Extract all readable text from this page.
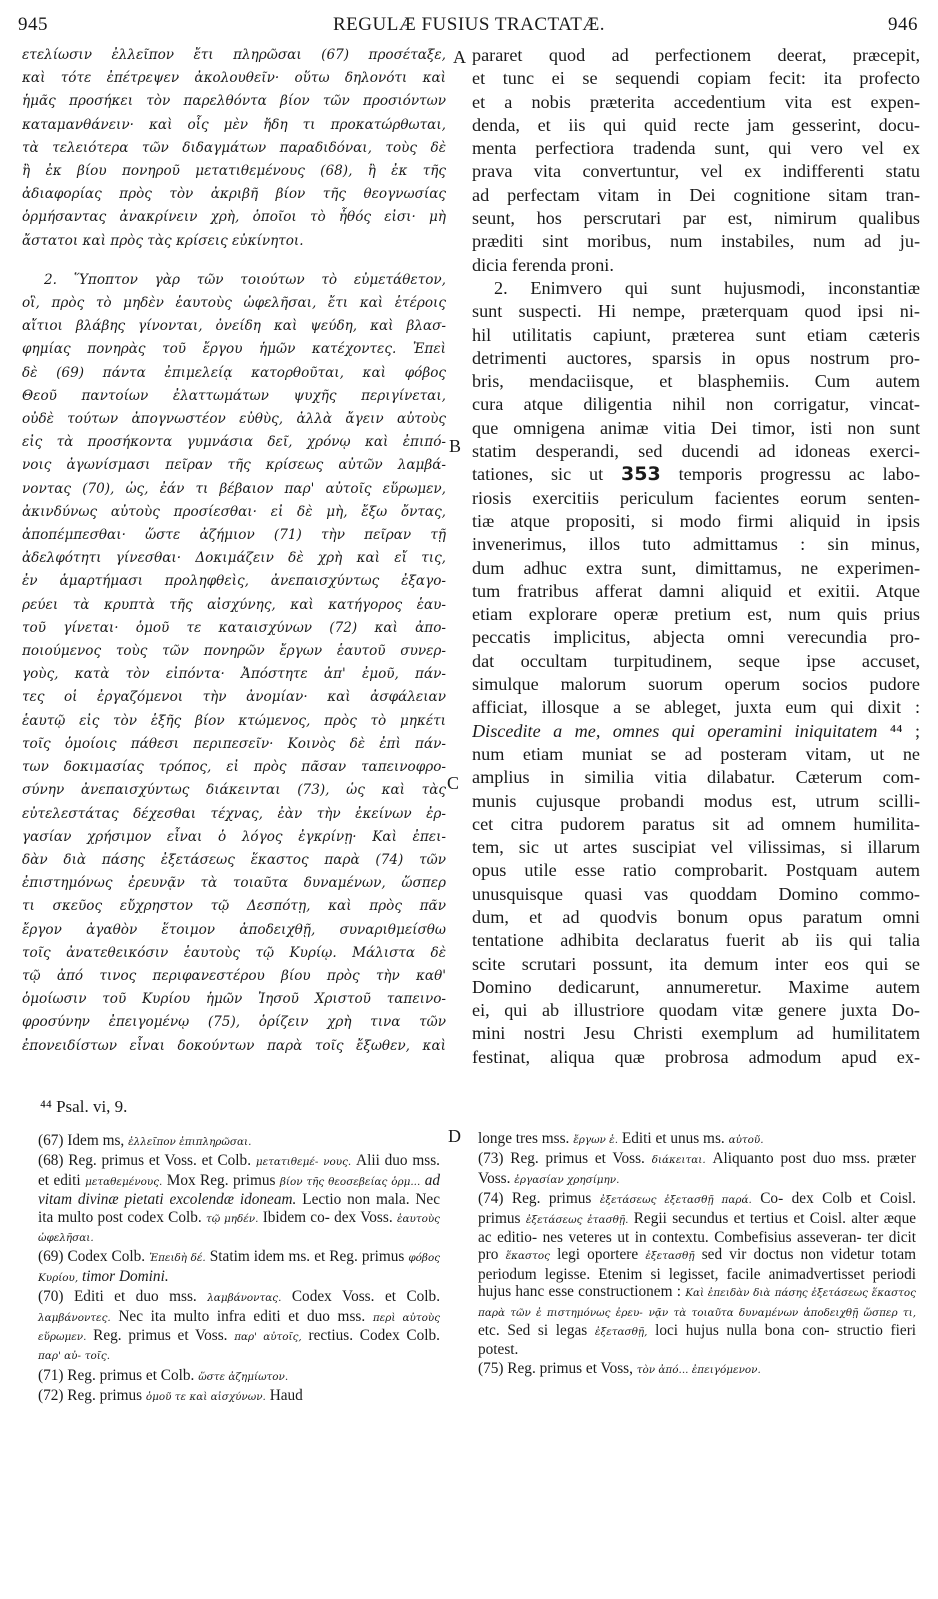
945	REGULÆ FUSIUS TRACTATÆ.	946
ετελίωσιν ἐλλεῖπον ἔτι πληρῶσαι (67) προσέταξε,
καὶ τότε ἐπέτρεψεν ἀκολουθεῖν· οὕτω δηλονότι καὶ
ἡμᾶς προσήκει τὸν παρελθόντα βίον τῶν προσιόντων
καταμανθάνειν· καὶ οἷς μὲν ἤδη τι προκατώρθωται,
τὰ τελειότερα τῶν διδαγμάτων παραδιδόναι, τοὺς δὲ
ἢ ἐκ βίου πονηροῦ μετατιθεμένους (68), ἢ ἐκ τῆς
ἀδιαφορίας πρὸς τὸν ἀκριβῆ βίον τῆς θεογνωσίας
ὁρμήσαντας ἀνακρίνειν χρὴ, ὁποῖοι τὸ ἦθός εἰσι· μὴ
ἄστατοι καὶ πρὸς τὰς κρίσεις εὐκίνητοι.
2. Ὕποπτον γὰρ τῶν τοιούτων τὸ εὐμετάθετον,
οἳ, πρὸς τὸ μηδὲν ἑαυτοὺς ὠφελῆσαι, ἔτι καὶ ἑτέροις
αἴτιοι βλάβης γίνονται, ὀνείδη καὶ ψεύδη, καὶ βλασ-
φημίας πονηρὰς τοῦ ἔργου ἡμῶν κατέχοντες. Ἐπεὶ
δὲ (69) πάντα ἐπιμελείᾳ κατορθοῦται, καὶ φόβος
Θεοῦ παντοίων ἐλαττωμάτων ψυχῆς περιγίνεται,
οὐδὲ τούτων ἀπογνωστέον εὐθὺς, ἀλλὰ ἄγειν αὐτοὺς
εἰς τὰ προσήκοντα γυμνάσια δεῖ, χρόνῳ καὶ ἐπιπό-
νοις ἀγωνίσμασι πεῖραν τῆς κρίσεως αὐτῶν λαμβά-
νοντας (70), ὡς, ἐάν τι βέβαιον παρ' αὐτοῖς εὕρωμεν,
ἀκινδύνως αὐτοὺς προσίεσθαι· εἰ δὲ μὴ, ἔξω ὄντας,
ἀποπέμπεσθαι· ὥστε ἀζήμιον (71) τὴν πεῖραν τῇ
ἀδελφότητι γίνεσθαι· Δοκιμάζειν δὲ χρὴ καὶ εἴ τις,
ἐν ἁμαρτήμασι προληφθεὶς, ἀνεπαισχύντως ἐξαγο-
ρεύει τὰ κρυπτὰ τῆς αἰσχύνης, καὶ κατήγορος ἑαυ-
τοῦ γίνεται· ὁμοῦ τε καταισχύνων (72) καὶ ἀπο-
ποιούμενος τοὺς τῶν πονηρῶν ἔργων ἑαυτοῦ συνερ-
γοὺς, κατὰ τὸν εἰπόντα· Ἀπόστητε ἀπ' ἐμοῦ, πάν-
τες οἱ ἐργαζόμενοι τὴν ἀνομίαν· καὶ ἀσφάλειαν
ἑαυτῷ εἰς τὸν ἑξῆς βίον κτώμενος, πρὸς τὸ μηκέτι
τοῖς ὁμοίοις πάθεσι περιπεσεῖν· Κοινὸς δὲ ἐπὶ πάν-
των δοκιμασίας τρόπος, εἰ πρὸς πᾶσαν ταπεινοφρο-
σύνην ἀνεπαισχύντως διάκεινται (73), ὡς καὶ τὰς
εὐτελεστάτας δέχεσθαι τέχνας, ἐὰν τὴν ἐκείνων ἐρ-
γασίαν χρήσιμον εἶναι ὁ λόγος ἐγκρίνῃ· Καὶ ἐπει-
δὰν διὰ πάσης ἐξετάσεως ἕκαστος παρὰ (74) τῶν
ἐπιστημόνως ἐρευνᾷν τὰ τοιαῦτα δυναμένων, ὥσπερ
τι σκεῦος εὔχρηστον τῷ Δεσπότῃ, καὶ πρὸς πᾶν
ἔργον ἀγαθὸν ἕτοιμον ἀποδειχθῇ, συναριθμείσθω
τοῖς ἀνατεθεικόσιν ἑαυτοὺς τῷ Κυρίῳ. Μάλιστα δὲ
τῷ ἀπό τινος περιφανεστέρου βίου πρὸς τὴν καθ'
ὁμοίωσιν τοῦ Κυρίου ἡμῶν Ἰησοῦ Χριστοῦ ταπεινο-
φροσύνην ἐπειγομένῳ (75), ὁρίζειν χρὴ τινα τῶν
ἐπονειδίστων εἶναι δοκούντων παρὰ τοῖς ἔξωθεν, καὶ
A
B
C
D
pararet quod ad perfectionem deerat, præcepit,
et tunc ei se sequendi copiam fecit: ita profecto
et a nobis præterita accedentium vita est expen-
denda, et iis qui quid recte jam gesserint, docu-
menta perfectiora tradenda sunt, qui vero vel ex
prava vita convertuntur, vel ex indifferenti statu
ad perfectam vitam in Dei cognitione sitam tran-
seunt, hos perscrutari par est, nimirum qualibus
præditi sint moribus, num instabiles, num ad ju-
dicia ferenda proni.
2. Enimvero qui sunt hujusmodi, inconstantiæ
sunt suspecti. Hi nempe, præterquam quod ipsi ni-
hil utilitatis capiunt, præterea sunt etiam cæteris
detrimenti auctores, sparsis in opus nostrum pro-
bris, mendaciisque, et blasphemiis. Cum autem
cura atque diligentia nihil non corrigatur, vincat-
que omnigena animæ vitia Dei timor, isti non sunt
statim desperandi, sed ducendi ad idoneas exerci-
tationes, sic ut 353 temporis progressu ac labo-
riosis exercitiis periculum facientes eorum senten-
tiæ atque propositi, si modo firmi aliquid in ipsis
invenerimus, illos tuto admittamus : sin minus,
dum adhuc extra sunt, dimittamus, ne experimen-
tum fratribus afferat damni aliquid et exitii. Atque
etiam explorare operæ pretium est, num quis prius
peccatis implicitus, abjecta omni verecundia pro-
dat occultam turpitudinem, seque ipse accuset,
simulque malorum suorum operum socios pudore
afficiat, illosque a se ableget, juxta eum qui dixit :
Discedite a me, omnes qui operamini iniquitatem ⁴⁴ ;
num etiam muniat se ad posteram vitam, ut ne
amplius in similia vitia dilabatur. Cæterum com-
munis cujusque probandi modus est, utrum scilli-
cet citra pudorem paratus sit ad omnem humilita-
tem, sic ut artes suscipiat vel vilissimas, si illarum
opus utile esse ratio comprobarit. Postquam autem
unusquisque quasi vas quoddam Domino commo-
dum, et ad quodvis bonum opus paratum omni
tentatione adhibita declaratus fuerit ab iis qui talia
scite scrutari possunt, ita demum inter eos qui se
Domino dedicarunt, annumeretur. Maxime autem
ei, qui ab illustriore quodam vitæ genere juxta Do-
mini nostri Jesu Christi exemplum ad humilitatem
festinat, aliqua quæ probrosa admodum apud ex-
⁴⁴ Psal. vi, 9.
(67) Idem ms, ἐλλεῖπον ἐπιπληρῶσαι.
(68) Reg. primus et Voss. et Colb. μετατιθεμέ- νους. Alii duo mss. et editi μεταθεμένους. Mox Reg. primus βίον τῆς θεοσεβείας ὁρμ... ad vitam divinæ pietati excolendæ idoneam. Lectio non mala. Nec ita multo post codex Colb. τῷ μηδέν. Ibidem co- dex Voss. ἑαυτοὺς ὠφελῆσαι.
(69) Codex Colb. Ἐπειδὴ δέ. Statim idem ms. et Reg. primus φόβος Κυρίου, timor Domini.
(70) Editi et duo mss. λαμβάνοντας. Codex Voss. et Colb. λαμβάνοντες. Nec ita multo infra editi et duo mss. περὶ αὐτοὺς εὕρωμεν. Reg. primus et Voss. παρ' αὐτοῖς, rectius. Codex Colb. παρ' αὐ- τοῖς.
(71) Reg. primus et Colb. ὥστε ἀζημίωτον.
(72) Reg. primus ὁμοῦ τε καὶ αἰσχύνων. Haud
longe tres mss. ἔργων ἑ. Editi et unus ms. αὐτοῦ.
(73) Reg. primus et Voss. διάκειται. Aliquanto post duo mss. præter Voss. ἐργασίαν χρησίμην.
(74) Reg. primus ἐξετάσεως ἐξετασθῇ παρά. Co- dex Colb et Coisl. primus ἐξετάσεως ἐτασθῇ. Regii secundus et tertius et Coisl. alter æque ac editio- nes veteres ut in contextu. Combefisius asseveran- ter dicit pro ἕκαστος legi oportere ἐξετασθῇ sed vir doctus non videtur totam periodum legisse. Etenim si legisset, facile animadvertisset periodi hujus hanc esse constructionem : Καὶ ἐπειδὰν διὰ πάσης ἐξετάσεως ἕκαστος παρὰ τῶν ἐ πιστημόνως ἐρευ- νᾷν τὰ τοιαῦτα δυναμένων ἀποδειχθῇ ὥσπερ τι, etc. Sed si legas ἐξετασθῇ, loci hujus nulla bona con- structio fieri potest.
(75) Reg. primus et Voss, τὸν ἀπό... ἐπειγόμενον.
